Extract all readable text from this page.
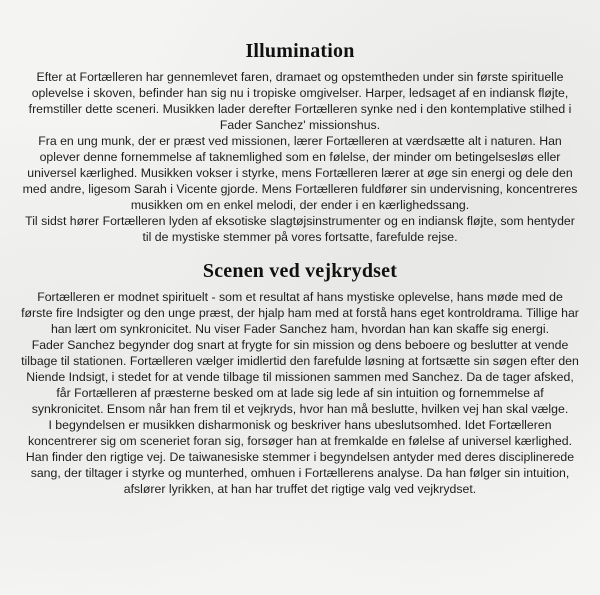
Illumination

Efter at Fortælleren har gennemlevet faren, dramaet og opstemtheden under sin første spirituelle oplevelse i skoven, befinder han sig nu i tropiske omgivelser. Harper, ledsaget af en indiansk fløjte, fremstiller dette sceneri. Musikken lader derefter Fortælleren synke ned i den kontemplative stilhed i Fader Sanchez' missionshus.

Fra en ung munk, der er præst ved missionen, lærer Fortælleren at værdsætte alt i naturen. Han oplever denne fornemmelse af taknemlighed som en følelse, der minder om betingelsesløs eller universel kærlighed. Musikken vokser i styrke, mens Fortælleren lærer at øge sin energi og dele den med andre, ligesom Sarah i Vicente gjorde. Mens Fortælleren fuldfører sin undervisning, koncentreres musikken om en enkel melodi, der ender i en kærlighedssang.

Til sidst hører Fortælleren lyden af eksotiske slagtøjsinstrumenter og en indiansk fløjte, som hentyder til de mystiske stemmer på vores fortsatte, farefulde rejse.

Scenen ved vejkrydset

Fortælleren er modnet spirituelt - som et resultat af hans mystiske oplevelse, hans møde med de første fire Indsigter og den unge præst, der hjalp ham med at forstå hans eget kontroldrama. Tillige har han lært om synkronicitet. Nu viser Fader Sanchez ham, hvordan han kan skaffe sig energi.

Fader Sanchez begynder dog snart at frygte for sin mission og dens beboere og beslutter at vende tilbage til stationen. Fortælleren vælger imidlertid den farefulde løsning at fortsætte sin søgen efter den Niende Indsigt, i stedet for at vende tilbage til missionen sammen med Sanchez. Da de tager afsked, får Fortælleren af præsterne besked om at lade sig lede af sin intuition og fornemmelse af synkronicitet. Ensom når han frem til et vejkryds, hvor han må beslutte, hvilken vej han skal vælge.

I begyndelsen er musikken disharmonisk og beskriver hans ubeslutsomhed. Idet Fortælleren koncentrerer sig om sceneriet foran sig, forsøger han at fremkalde en følelse af universel kærlighed. Han finder den rigtige vej. De taiwanesiske stemmer i begyndelsen antyder med deres disciplinerede sang, der tiltager i styrke og munterhed, omhuen i Fortællerens analyse. Da han følger sin intuition, afslører lyrikken, at han har truffet det rigtige valg ved vejkrydset.
